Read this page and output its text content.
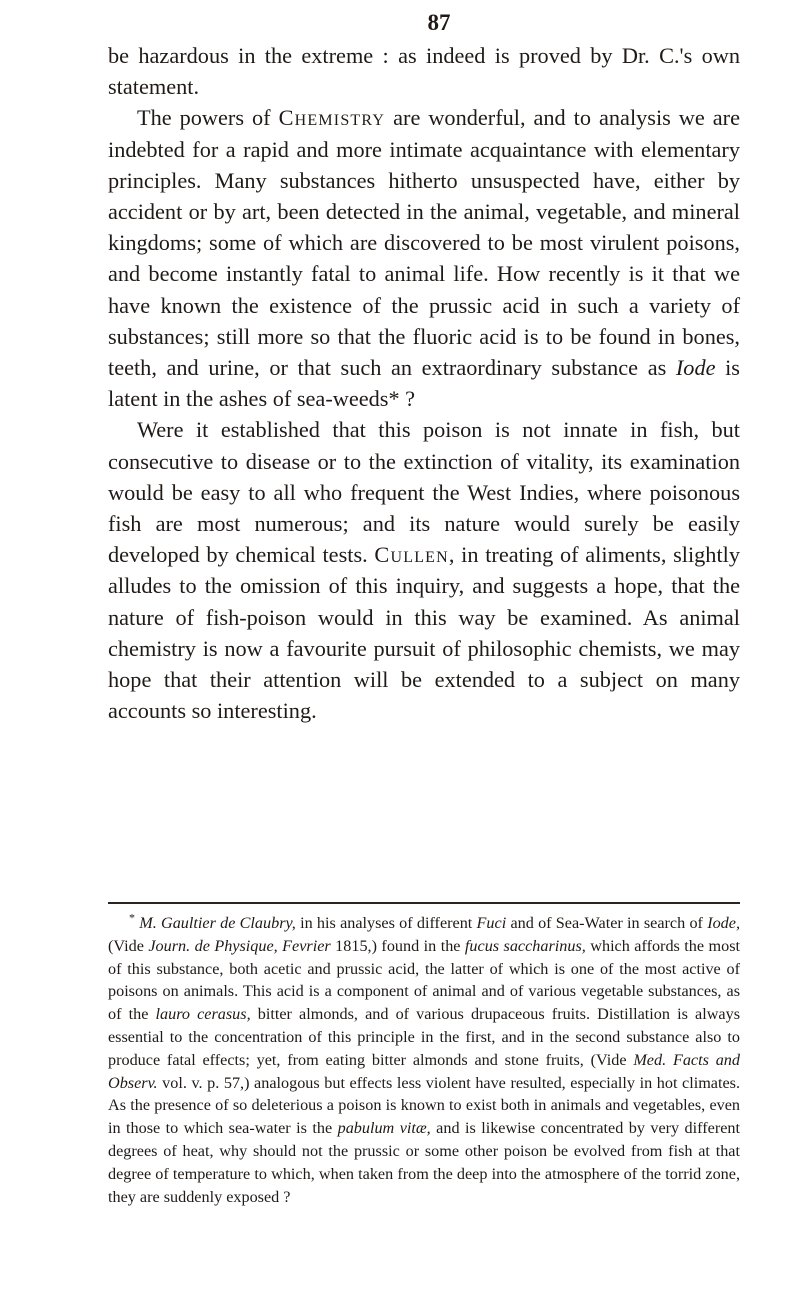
87

be hazardous in the extreme : as indeed is proved by Dr. C.'s own statement.

The powers of Chemistry are wonderful, and to analysis we are indebted for a rapid and more intimate acquaintance with elementary principles. Many substances hitherto unsuspected have, either by accident or by art, been detected in the animal, vegetable, and mineral kingdoms; some of which are discovered to be most virulent poisons, and become instantly fatal to animal life. How recently is it that we have known the existence of the prussic acid in such a variety of substances; still more so that the fluoric acid is to be found in bones, teeth, and urine, or that such an extraordinary substance as Iode is latent in the ashes of sea-weeds* ?

Were it established that this poison is not innate in fish, but consecutive to disease or to the extinction of vitality, its examination would be easy to all who frequent the West Indies, where poisonous fish are most numerous; and its nature would surely be easily developed by chemical tests. Cullen, in treating of aliments, slightly alludes to the omission of this inquiry, and suggests a hope, that the nature of fish-poison would in this way be examined. As animal chemistry is now a favourite pursuit of philosophic chemists, we may hope that their attention will be extended to a subject on many accounts so interesting.

* M. Gaultier de Claubry, in his analyses of different Fuci and of Sea-Water in search of Iode, (Vide Journ. de Physique, Fevrier 1815,) found in the fucus saccharinus, which affords the most of this substance, both acetic and prussic acid, the latter of which is one of the most active of poisons on animals. This acid is a component of animal and of various vegetable substances, as of the lauro cerasus, bitter almonds, and of various drupaceous fruits. Distillation is always essential to the concentration of this principle in the first, and in the second substance also to produce fatal effects; yet, from eating bitter almonds and stone fruits, (Vide Med. Facts and Observ. vol. v. p. 57,) analogous but effects less violent have resulted, especially in hot climates. As the presence of so deleterious a poison is known to exist both in animals and vegetables, even in those to which sea-water is the pabulum vitæ, and is likewise concentrated by very different degrees of heat, why should not the prussic or some other poison be evolved from fish at that degree of temperature to which, when taken from the deep into the atmosphere of the torrid zone, they are suddenly exposed ?
